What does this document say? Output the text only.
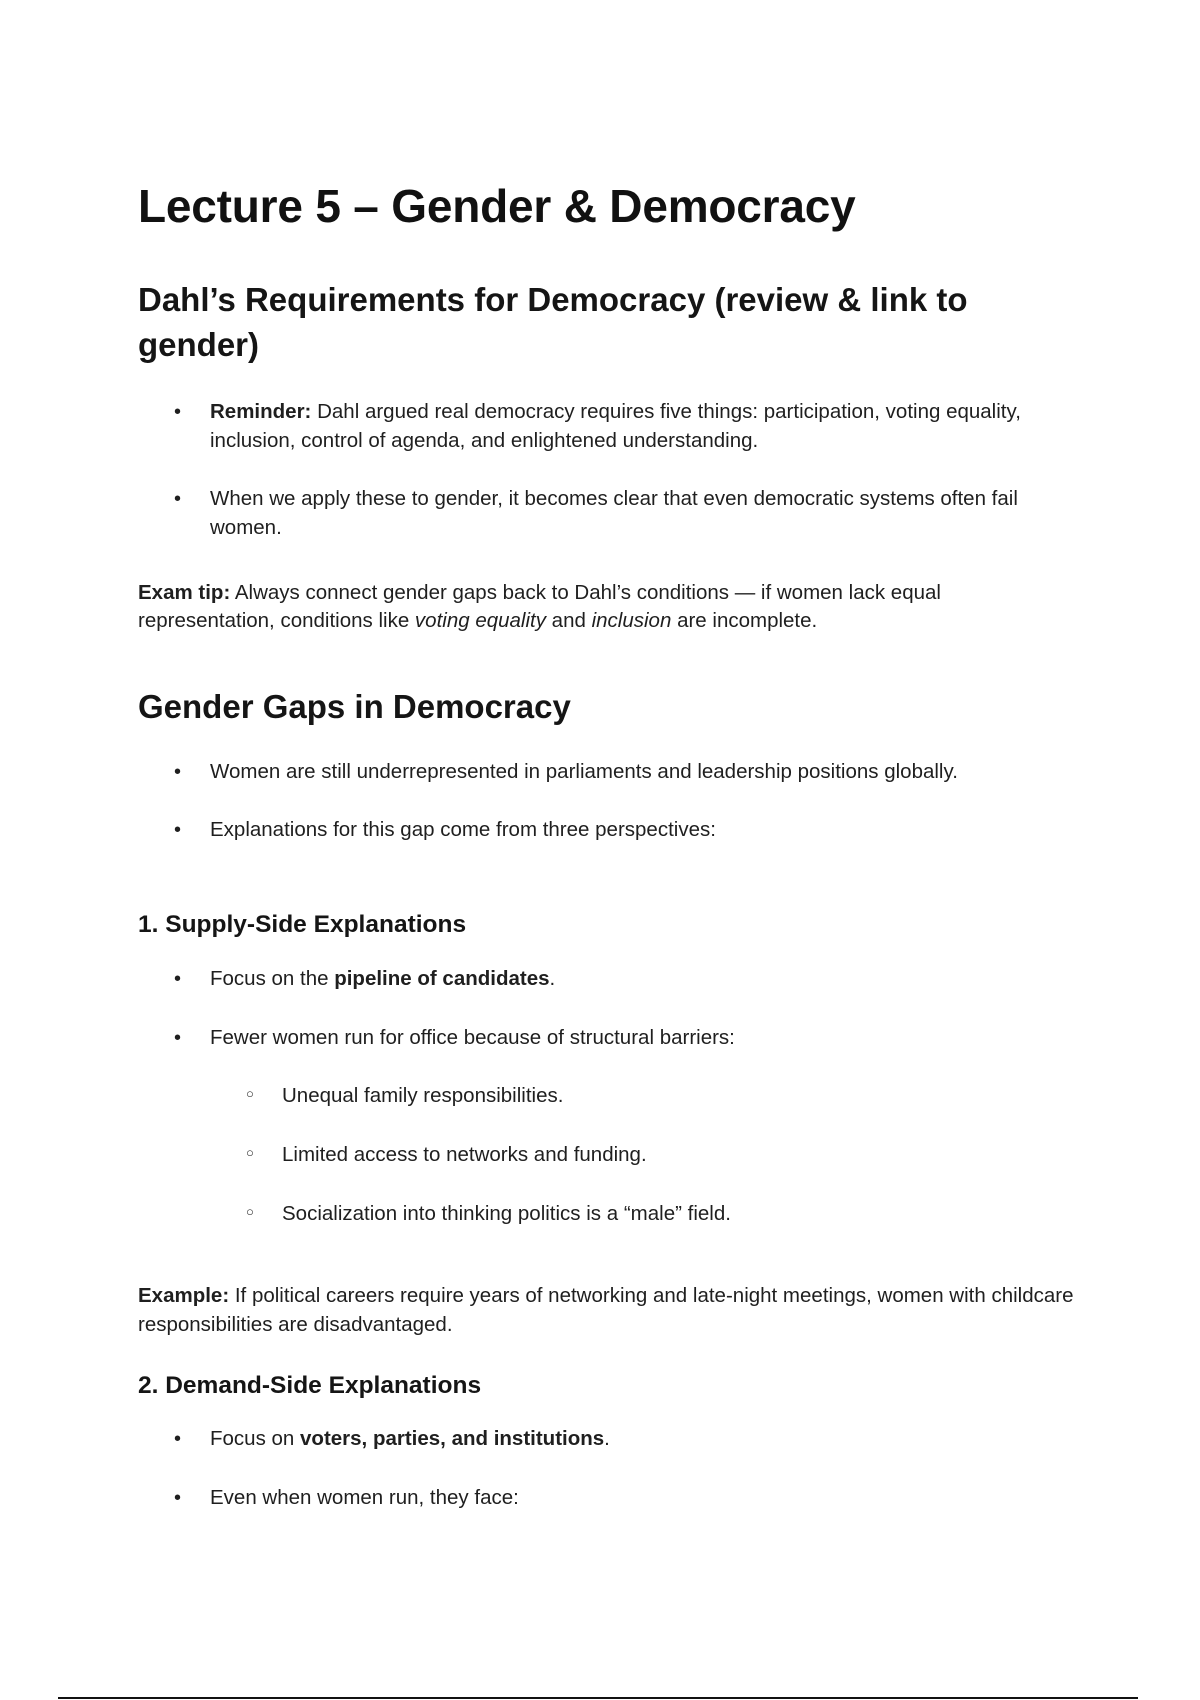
Lecture 5 – Gender & Democracy
Dahl’s Requirements for Democracy (review & link to gender)
• Reminder: Dahl argued real democracy requires five things: participation, voting equality, inclusion, control of agenda, and enlightened understanding.
• When we apply these to gender, it becomes clear that even democratic systems often fail women.

Exam tip: Always connect gender gaps back to Dahl’s conditions — if women lack equal representation, conditions like voting equality and inclusion are incomplete.

Gender Gaps in Democracy
• Women are still underrepresented in parliaments and leadership positions globally.
• Explanations for this gap come from three perspectives:
1. Supply-Side Explanations
• Focus on the pipeline of candidates.
• Fewer women run for office because of structural barriers:
○ Unequal family responsibilities.
○ Limited access to networks and funding.
○ Socialization into thinking politics is a “male” field.

Example: If political careers require years of networking and late-night meetings, women with childcare responsibilities are disadvantaged.

2. Demand-Side Explanations
• Focus on voters, parties, and institutions.
• Even when women run, they face:
